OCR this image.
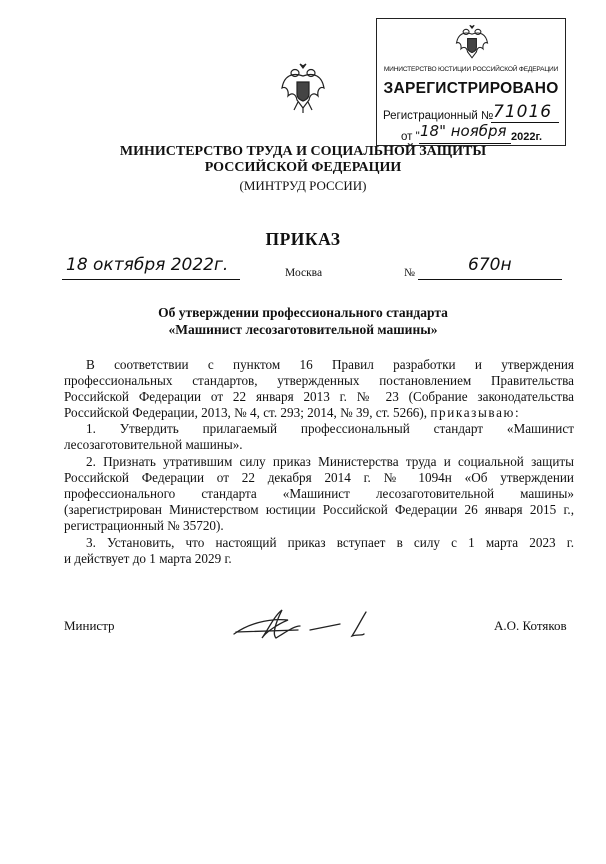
МИНИСТЕРСТВО ЮСТИЦИИ РОССИЙСКОЙ ФЕДЕРАЦИИ
ЗАРЕГИСТРИРОВАНО
Регистрационный № 71016
от " 18" ноября 2022г.
МИНИСТЕРСТВО ТРУДА И СОЦИАЛЬНОЙ ЗАЩИТЫ
РОССИЙСКОЙ ФЕДЕРАЦИИ
(МИНТРУД РОССИИ)
ПРИКАЗ
18 октября 2022г.	Москва	№	670н
Об утверждении профессионального стандарта
«Машинист лесозаготовительной машины»
В соответствии с пунктом 16 Правил разработки и утверждения
профессиональных стандартов, утвержденных постановлением Правительства
Российской Федерации от 22 января 2013 г. № 23 (Собрание законодательства
Российской Федерации, 2013, № 4, ст. 293; 2014, № 39, ст. 5266), приказываю:
1. Утвердить прилагаемый профессиональный стандарт «Машинист
лесозаготовительной машины».
2. Признать утратившим силу приказ Министерства труда и социальной защиты
Российской Федерации от 22 декабря 2014 г. № 1094н «Об утверждении
профессионального стандарта «Машинист лесозаготовительной машины»
(зарегистрирован Министерством юстиции Российской Федерации 26 января 2015 г.,
регистрационный № 35720).
3. Установить, что настоящий приказ вступает в силу с 1 марта 2023 г.
и действует до 1 марта 2029 г.
Министр	А.О. Котяков
